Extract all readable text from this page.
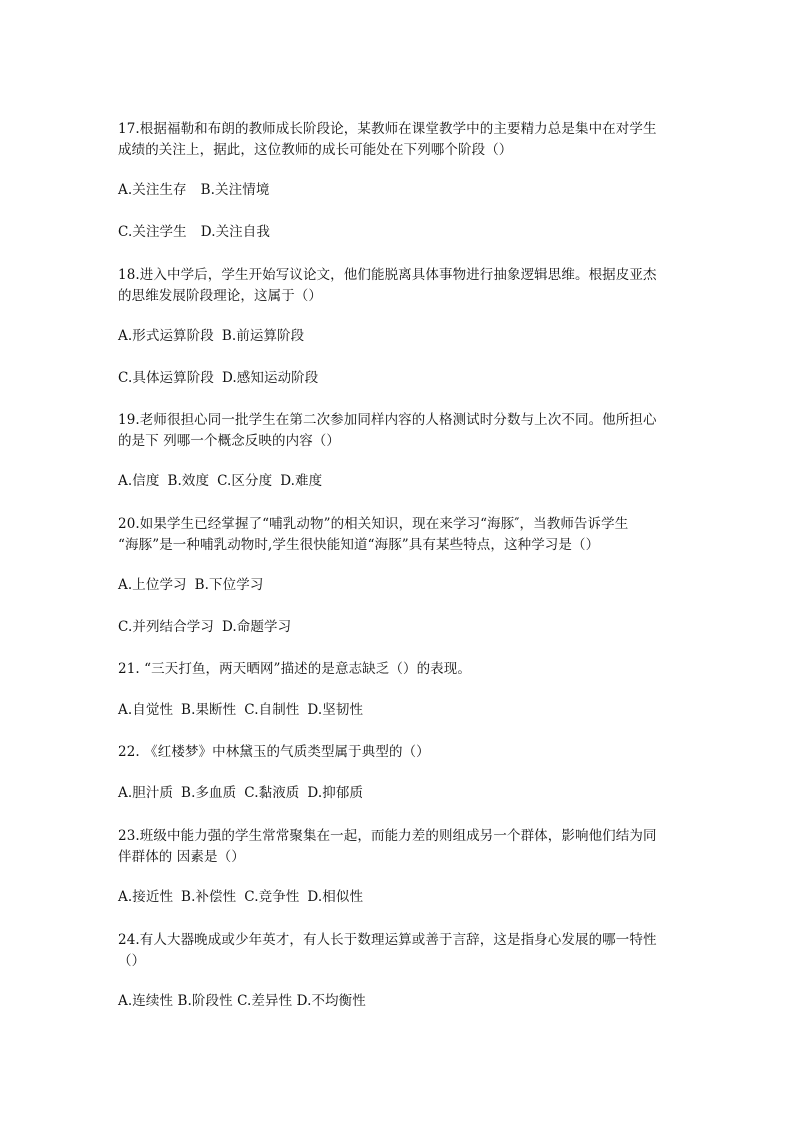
17.根据福勒和布朗的教师成长阶段论，某教师在课堂教学中的主要精力总是集中在对学生
成绩的关注上，据此，这位教师的成长可能处在下列哪个阶段（）
A.关注生存 B.关注情境
C.关注学生 D.关注自我
18.进入中学后，学生开始写议论文，他们能脱离具体事物进行抽象逻辑思维。根据皮亚杰
的思维发展阶段理论，这属于（）
A.形式运算阶段 B.前运算阶段
C.具体运算阶段 D.感知运动阶段
19.老师很担心同一批学生在第二次参加同样内容的人格测试时分数与上次不同。他所担心
的是下 列哪一个概念反映的内容（）
A.信度 B.效度 C.区分度 D.难度
20.如果学生已经掌握了“哺乳动物”的相关知识，现在来学习“海豚″，当教师告诉学生
“海豚”是一种哺乳动物时,学生很快能知道“海豚”具有某些特点，这种学习是（）
A.上位学习 B.下位学习
C.并列结合学习 D.命题学习
21. “三天打鱼，两天晒网”描述的是意志缺乏（）的表现。
A.自觉性 B.果断性 C.自制性 D.坚韧性
22. 《红楼梦》中林黛玉的气质类型属于典型的（）
A.胆汁质 B.多血质 C.黏液质 D.抑郁质
23.班级中能力强的学生常常聚集在一起，而能力差的则组成另一个群体，影响他们结为同
伴群体的 因素是（）
A.接近性 B.补偿性 C.竞争性 D.相似性
24.有人大器晚成或少年英才，有人长于数理运算或善于言辞，这是指身心发展的哪一特性
（）
A.连续性 B.阶段性 C.差异性 D.不均衡性
